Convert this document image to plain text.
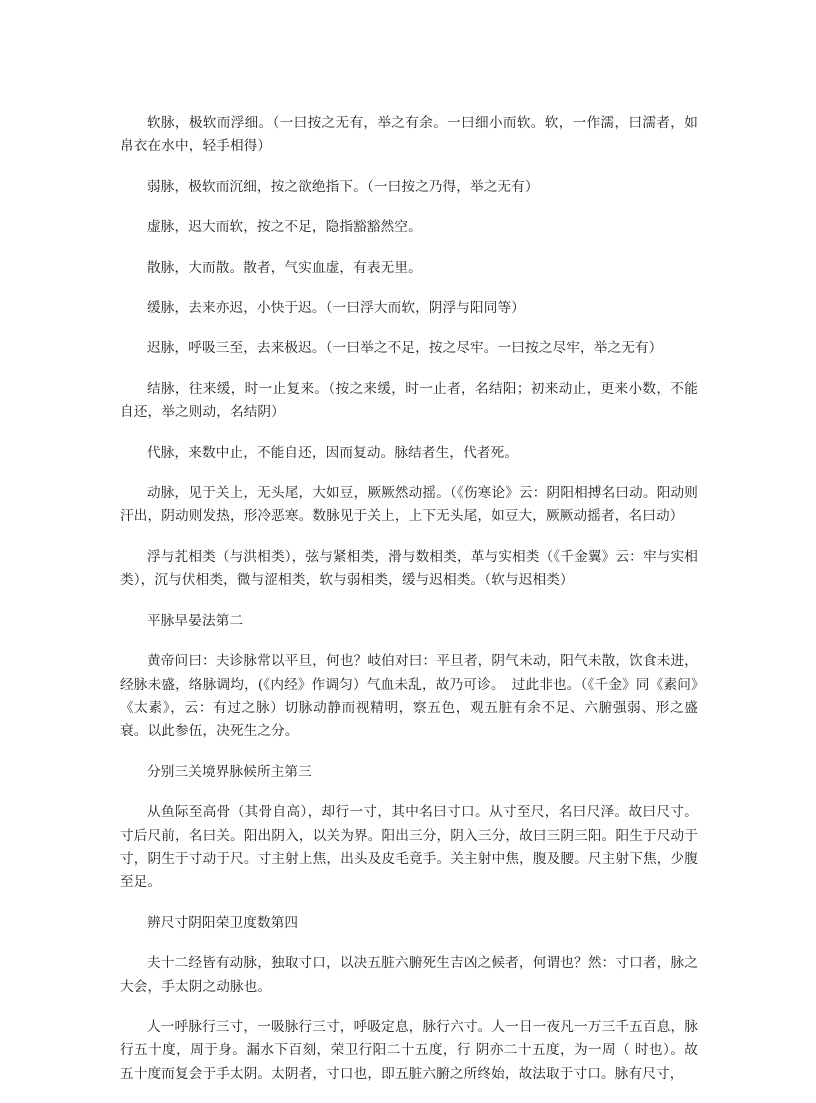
软脉，极软而浮细。（一曰按之无有，举之有余。一曰细小而软。软，一作濡，曰濡者，如帛衣在水中，轻手相得）

弱脉，极软而沉细，按之欲绝指下。（一曰按之乃得，举之无有）

虚脉，迟大而软，按之不足，隐指豁豁然空。

散脉，大而散。散者，气实血虚，有表无里。

缓脉，去来亦迟，小快于迟。（一曰浮大而软，阴浮与阳同等）

迟脉，呼吸三至，去来极迟。（一曰举之不足，按之尽牢。一曰按之尽牢，举之无有）

结脉，往来缓，时一止复来。（按之来缓，时一止者，名结阳；初来动止，更来小数，不能自还，举之则动，名结阴）

代脉，来数中止，不能自还，因而复动。脉结者生，代者死。

动脉，见于关上，无头尾，大如豆，厥厥然动摇。（《伤寒论》云：阴阳相搏名曰动。阳动则汗出，阴动则发热，形冷恶寒。数脉见于关上，上下无头尾，如豆大，厥厥动摇者，名曰动）

浮与芤相类（与洪相类），弦与紧相类，滑与数相类，革与实相类（《千金翼》云：牢与实相类），沉与伏相类，微与涩相类，软与弱相类，缓与迟相类。（软与迟相类）

平脉早晏法第二

黄帝问曰：夫诊脉常以平旦，何也？岐伯对曰：平旦者，阴气未动，阳气未散，饮食未进，经脉未盛，络脉调均，(《内经》作调匀）气血未乱，故乃可诊。　过此非也。（《千金》同《素问》《太素》，云：有过之脉）切脉动静而视精明，察五色，观五脏有余不足、六腑强弱、形之盛衰。以此参伍，决死生之分。

分别三关境界脉候所主第三

从鱼际至高骨（其骨自高），却行一寸，其中名曰寸口。从寸至尺，名曰尺泽。故曰尺寸。寸后尺前，名曰关。阳出阴入，以关为界。阳出三分，阴入三分，故曰三阴三阳。阳生于尺动于寸，阴生于寸动于尺。寸主射上焦，出头及皮毛竟手。关主射中焦，腹及腰。尺主射下焦，少腹至足。

辨尺寸阴阳荣卫度数第四

夫十二经皆有动脉，独取寸口，以决五脏六腑死生吉凶之候者，何谓也？然：寸口者，脉之大会，手太阴之动脉也。

人一呼脉行三寸，一吸脉行三寸，呼吸定息，脉行六寸。人一日一夜凡一万三千五百息，脉行五十度，周于身。漏水下百刻，荣卫行阳二十五度，行 阴亦二十五度，为一周（ 时也）。故五十度而复会于手太阴。太阴者，寸口也，即五脏六腑之所终始，故法取于寸口。脉有尺寸，
